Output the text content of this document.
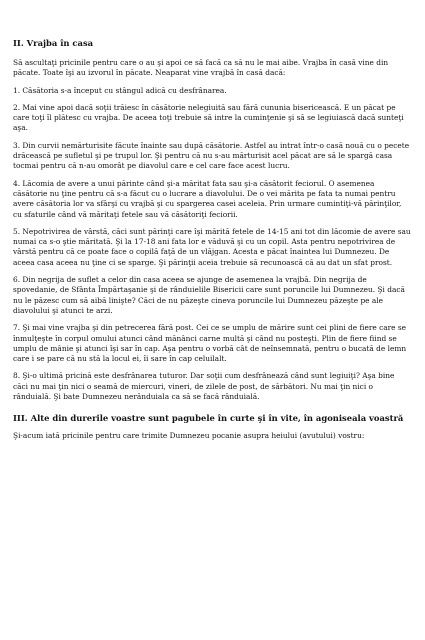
II. Vrajba în casa

Să ascultaţi pricinile pentru care o au şi apoi ce să facă ca să nu le mai aibe. Vrajba în casă vine din păcate. Toate îşi au izvorul în păcate. Neaparat vine vrajbă în casă dacă:

1. Căsătoria s-a început cu stângul adică cu desfrânarea.

2. Mai vine apoi dacă soţii trăiesc în căsătorie nelegiuită sau fără cununia bisericească. E un păcat pe care toţi îl plătesc cu vrajba. De aceea toţi trebuie să intre la cuminţenie şi să se legiuiască dacă sunteţi aşa.

3. Din curvii nemărturisite făcute înainte sau după căsătorie. Astfel au intrat într-o casă nouă cu o pecete drăcească pe sufletul şi pe trupul lor. Şi pentru că nu s-au mărturisit acel păcat are să le spargă casa tocmai pentru că n-au omorât pe diavolul care e cel care face acest lucru.

4. Lăcomia de avere a unui părinte când şi-a măritat fata sau şi-a căsătorit feciorul. O asemenea căsătorie nu ţine pentru că s-a făcut cu o lucrare a diavolului. De o vei mărita pe fata ta numai pentru avere căsătoria lor va sfârşi cu vrajbă şi cu spargerea casei aceleia. Prin urmare cumintiţi-vă părinţilor, cu sfaturile când vă măritaţi fetele sau vă căsătoriţi feciorii.

5. Nepotrivirea de vârstă, căci sunt părinţi care îşi mărită fetele de 14-15 ani tot din lăcomie de avere sau numai ca s-o ştie măritată. Şi la 17-18 ani fata lor e văduvă şi cu un copil. Asta pentru nepotrivirea de vârstă pentru că ce poate face o copilă faţă de un vlăjgan. Acesta e păcat înaintea lui Dumnezeu. De aceea casa aceea nu ţine ci se sparge. Şi părinţii aceia trebuie să recunoască că au dat un sfat prost.

6. Din negrija de suflet a celor din casa aceea se ajunge de asemenea la vrajbă. Din negrija de

spovedanie, de Sfânta Împărtaşanie şi de rânduielile Bisericii care sunt poruncile lui Dumnezeu. Şi dacă nu le păzesc cum să aibă linişte? Căci de nu păzeşte cineva poruncile lui Dumnezeu păzeşte pe ale diavolului şi atunci te arzi.

7. Şi mai vine vrajba şi din petrecerea fără post. Cei ce se umplu de mărire sunt cei plini de fiere care se înmulţeşte în corpul omului atunci când mănânci carne multă şi când nu posteşti. Plin de fiere fiind se umplu de mânie şi atunci îşi sar în cap. Aşa pentru o vorbă cât de neînsemnată, pentru o bucată de lemn care i se pare că nu stă la locul ei, îi sare în cap celuilalt.

8. Şi-o ultimă pricină este desfrânarea tuturor. Dar soţii cum desfrânează când sunt legiuiţi? Aşa bine căci nu mai ţin nici o seamă de miercuri, vineri, de zilele de post, de sărbători. Nu mai ţin nici o rânduială. Şi bate Dumnezeu nerânduiala ca să se facă rânduială.

III. Alte din durerile voastre sunt pagubele în curte şi în vite, în agoniseala voastră

Şi-acum iată pricinile pentru care trimite Dumnezeu pocanie asupra heiului (avutului) vostru:
